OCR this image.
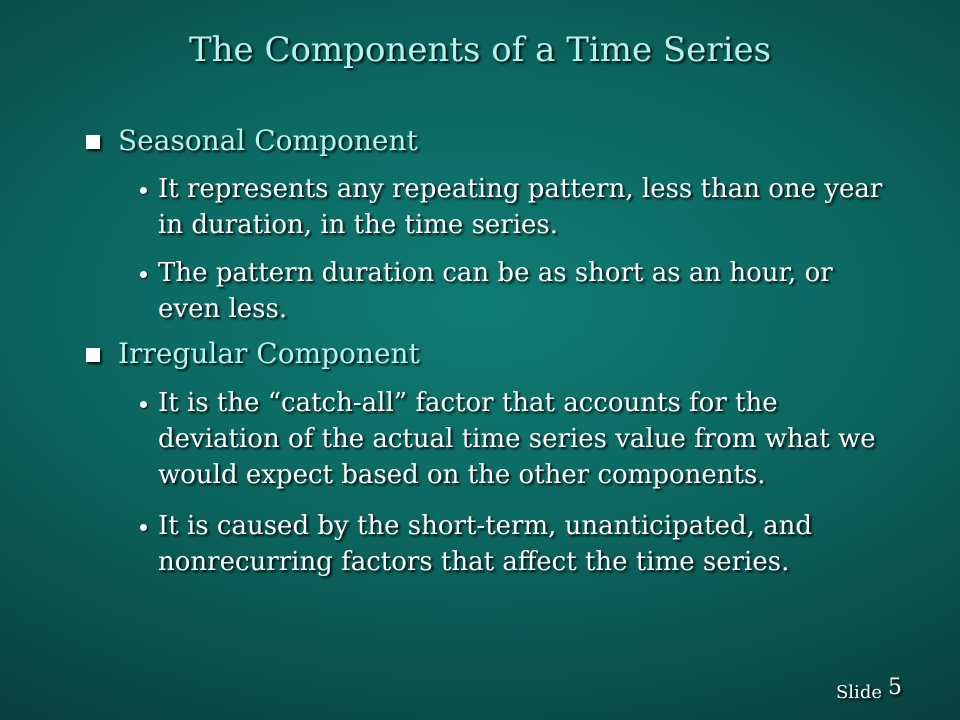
The Components of a Time Series
Seasonal Component
It represents any repeating pattern, less than one year in duration, in the time series.
The pattern duration can be as short as an hour, or even less.
Irregular Component
It is the “catch-all” factor that accounts for the deviation of the actual time series value from what we would expect based on the other components.
It is caused by the short-term, unanticipated, and nonrecurring factors that affect the time series.
Slide 5
